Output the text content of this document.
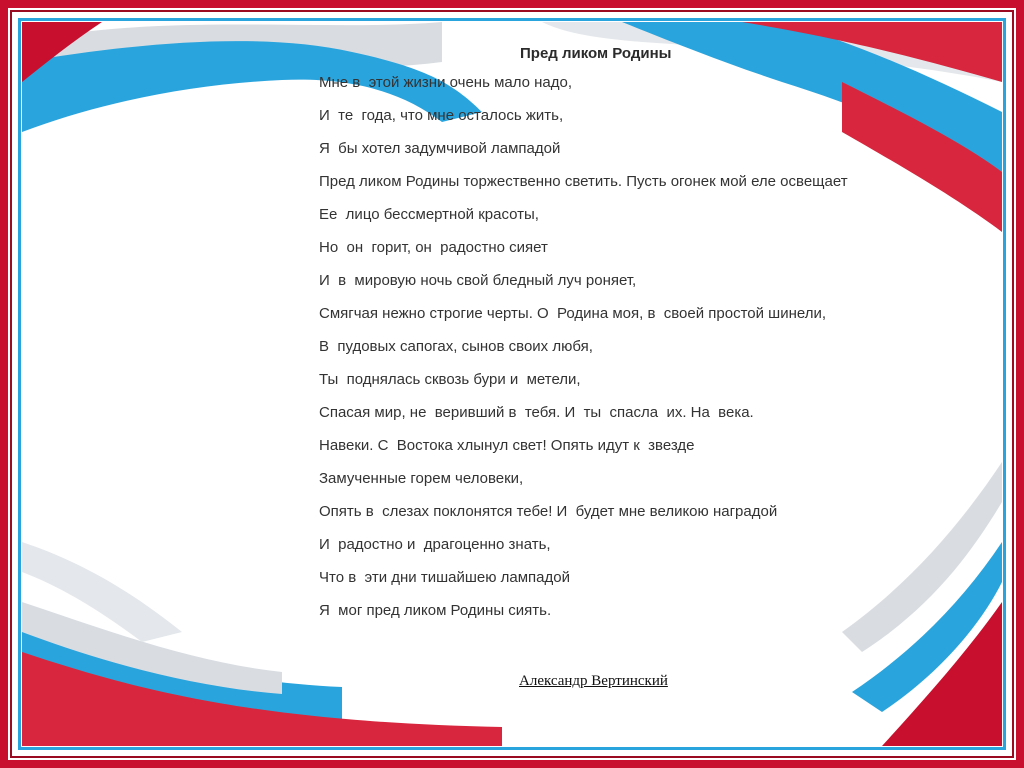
Пред ликом Родины
Мне в  этой жизни очень мало надо,
И  те  года, что мне осталось жить,
Я  бы хотел задумчивой лампадой
Пред ликом Родины торжественно светить. Пусть огонек мой еле освещает
Ее  лицо бессмертной красоты,
Но  он  горит, он  радостно сияет
И  в  мировую ночь свой бледный луч роняет,
Смягчая нежно строгие черты. О  Родина моя, в  своей простой шинели,
В  пудовых сапогах, сынов своих любя,
Ты  поднялась сквозь бури и  метели,
Спасая мир, не  веривший в  тебя. И  ты  спасла  их. На  века.
Навеки. С  Востока хлынул свет! Опять идут к  звезде
Замученные горем человеки,
Опять в  слезах поклонятся тебе! И  будет мне великою наградой
И  радостно и  драгоценно знать,
Что в  эти дни тишайшею лампадой
Я  мог пред ликом Родины сиять.
Александр Вертинский
